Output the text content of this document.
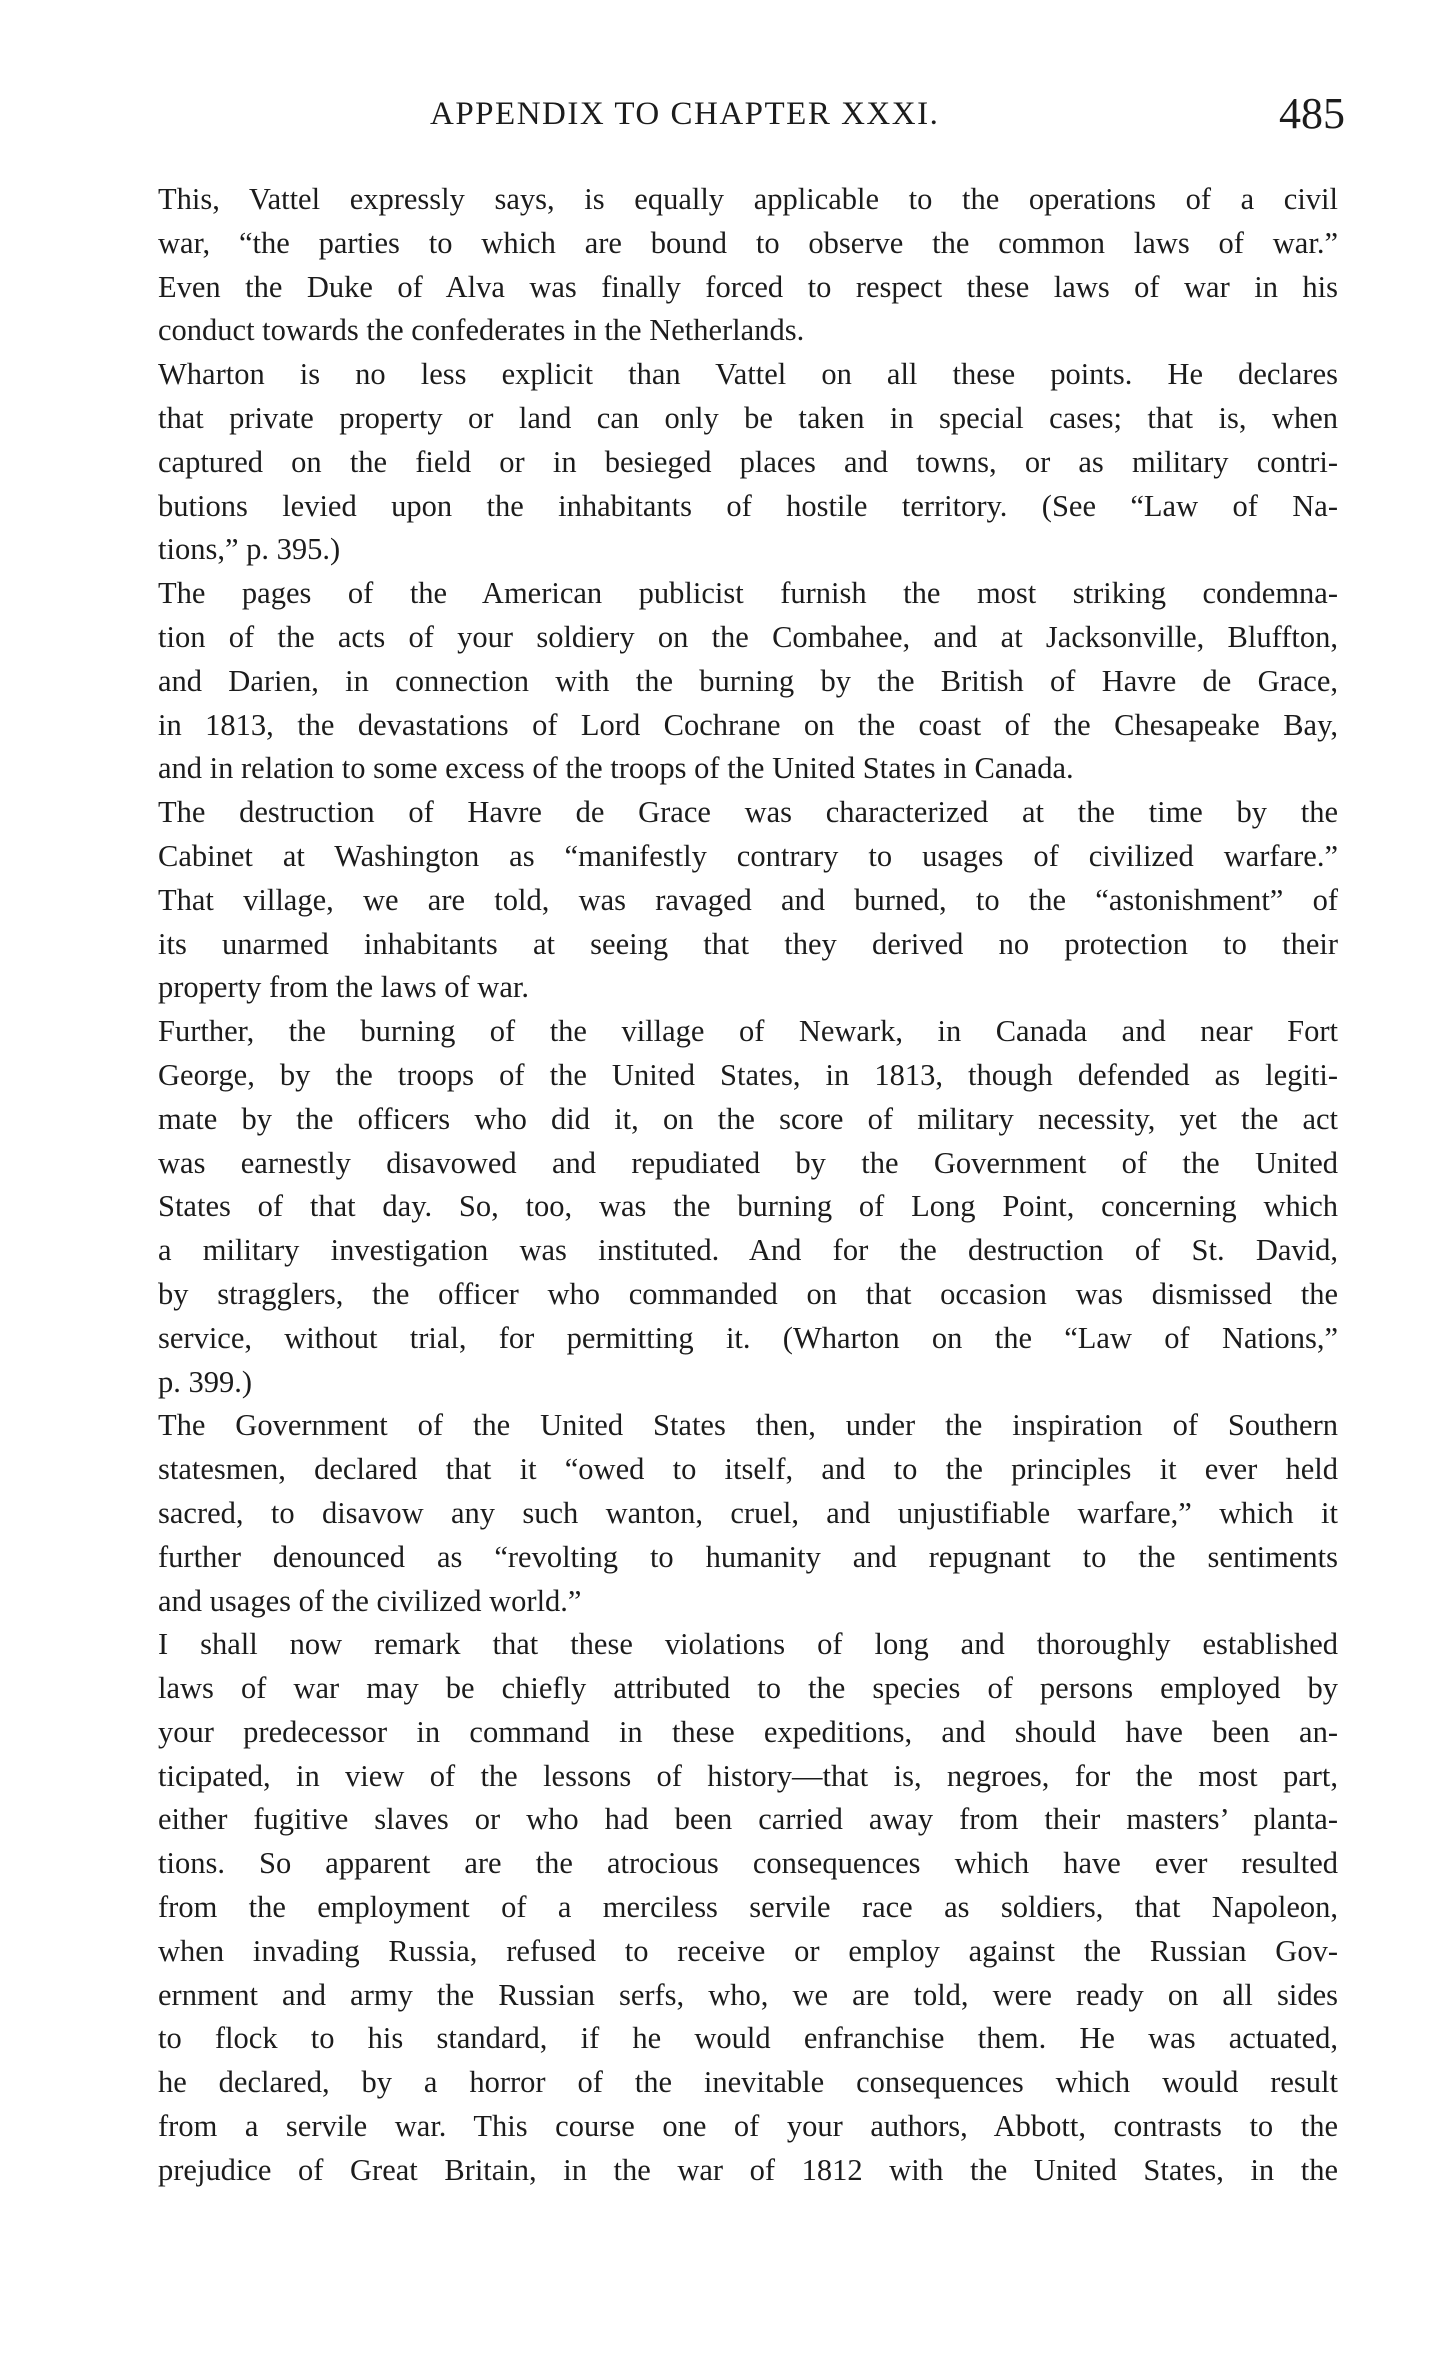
APPENDIX TO CHAPTER XXXI.	485
This, Vattel expressly says, is equally applicable to the operations of a civil
war, “the parties to which are bound to observe the common laws of war.”
Even the Duke of Alva was finally forced to respect these laws of war in his
conduct towards the confederates in the Netherlands.
Wharton is no less explicit than Vattel on all these points. He declares
that private property or land can only be taken in special cases; that is, when
captured on the field or in besieged places and towns, or as military contri-
butions levied upon the inhabitants of hostile territory. (See “Law of Na-
tions,” p. 395.)
The pages of the American publicist furnish the most striking condemna-
tion of the acts of your soldiery on the Combahee, and at Jacksonville, Bluffton,
and Darien, in connection with the burning by the British of Havre de Grace,
in 1813, the devastations of Lord Cochrane on the coast of the Chesapeake Bay,
and in relation to some excess of the troops of the United States in Canada.
The destruction of Havre de Grace was characterized at the time by the
Cabinet at Washington as “manifestly contrary to usages of civilized warfare.”
That village, we are told, was ravaged and burned, to the “astonishment” of
its unarmed inhabitants at seeing that they derived no protection to their
property from the laws of war.
Further, the burning of the village of Newark, in Canada and near Fort
George, by the troops of the United States, in 1813, though defended as legiti-
mate by the officers who did it, on the score of military necessity, yet the act
was earnestly disavowed and repudiated by the Government of the United
States of that day. So, too, was the burning of Long Point, concerning which
a military investigation was instituted. And for the destruction of St. David,
by stragglers, the officer who commanded on that occasion was dismissed the
service, without trial, for permitting it. (Wharton on the “Law of Nations,”
p. 399.)
The Government of the United States then, under the inspiration of Southern
statesmen, declared that it “owed to itself, and to the principles it ever held
sacred, to disavow any such wanton, cruel, and unjustifiable warfare,” which it
further denounced as “revolting to humanity and repugnant to the sentiments
and usages of the civilized world.”
I shall now remark that these violations of long and thoroughly established
laws of war may be chiefly attributed to the species of persons employed by
your predecessor in command in these expeditions, and should have been an-
ticipated, in view of the lessons of history—that is, negroes, for the most part,
either fugitive slaves or who had been carried away from their masters’ planta-
tions. So apparent are the atrocious consequences which have ever resulted
from the employment of a merciless servile race as soldiers, that Napoleon,
when invading Russia, refused to receive or employ against the Russian Gov-
ernment and army the Russian serfs, who, we are told, were ready on all sides
to flock to his standard, if he would enfranchise them. He was actuated,
he declared, by a horror of the inevitable consequences which would result
from a servile war. This course one of your authors, Abbott, contrasts to the
prejudice of Great Britain, in the war of 1812 with the United States, in the
